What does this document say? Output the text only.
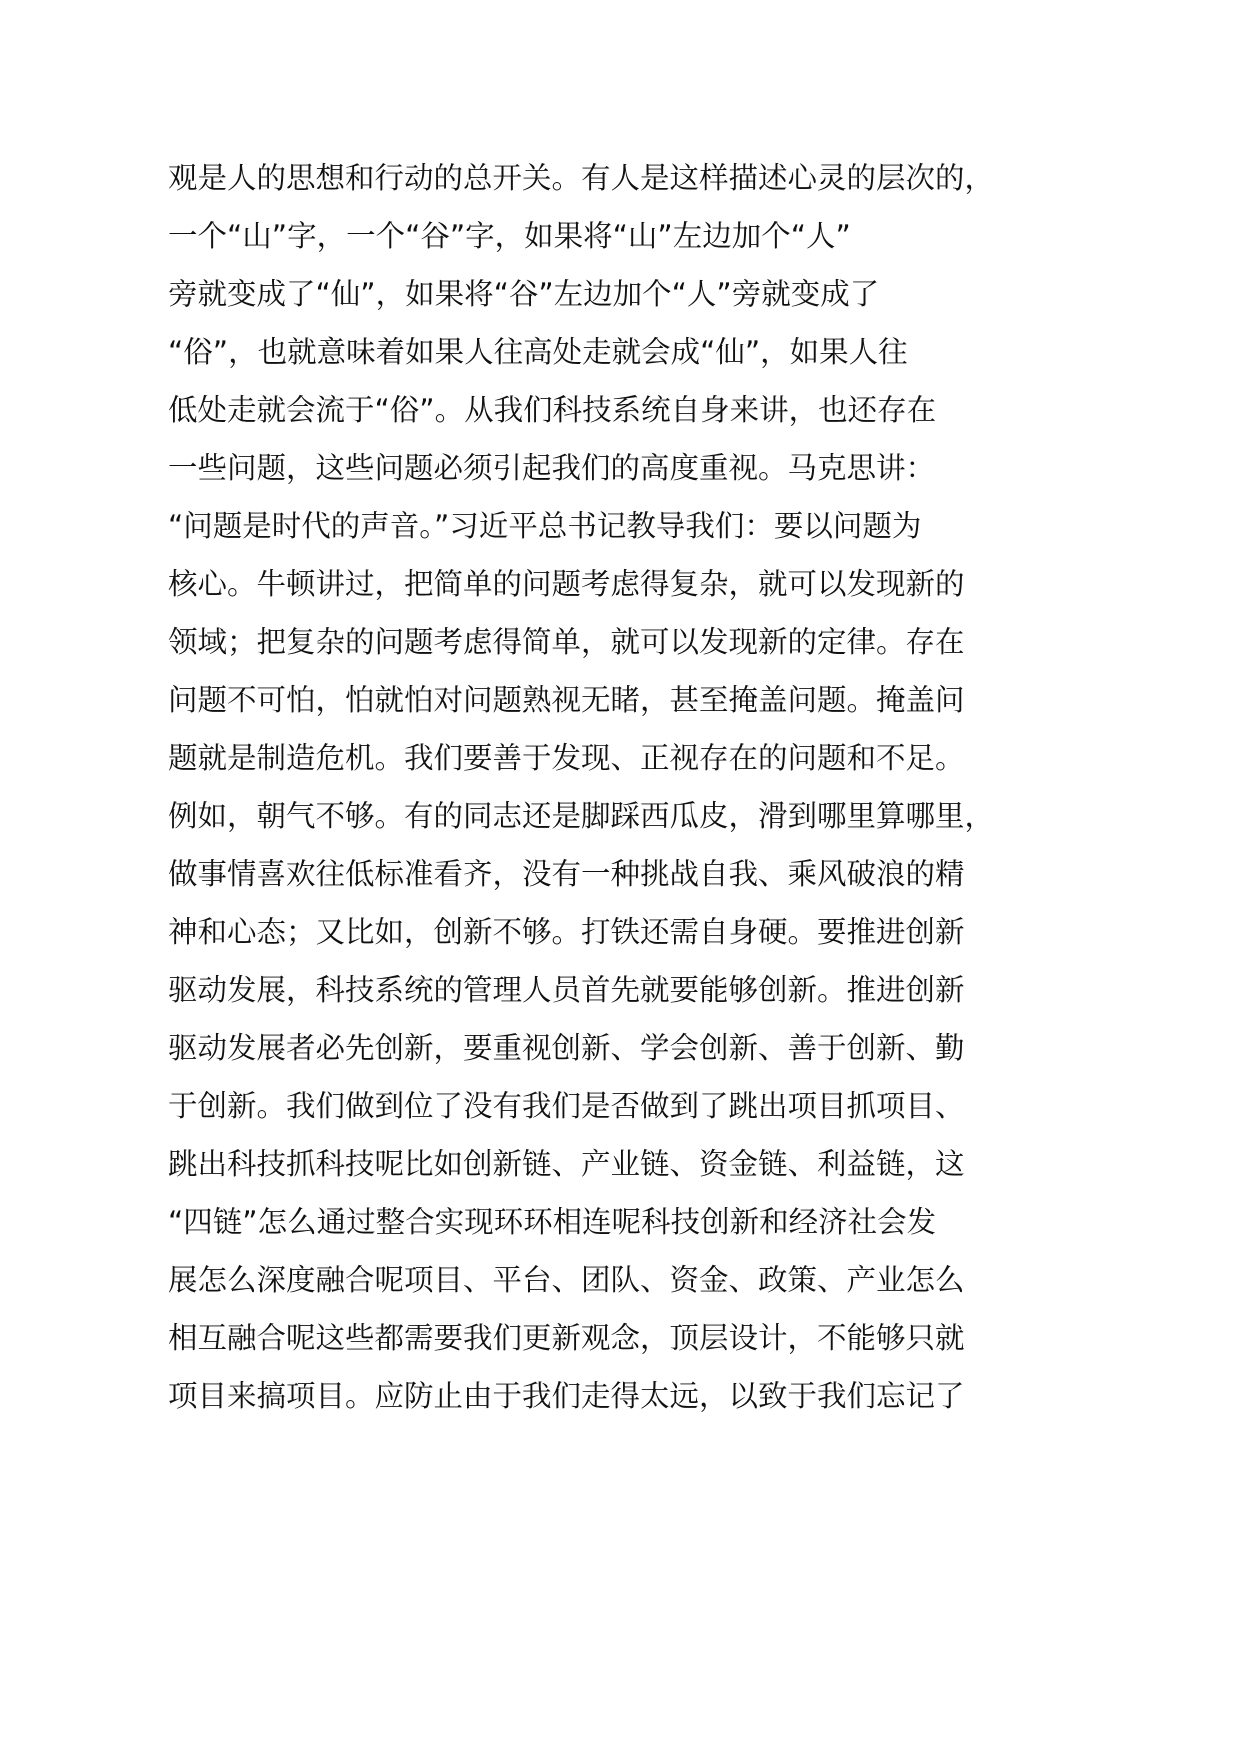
观是人的思想和行动的总开关。有人是这样描述心灵的层次的，
一个“山”字，一个“谷”字，如果将“山”左边加个“人”
旁就变成了“仙”，如果将“谷”左边加个“人”旁就变成了
“俗”，也就意味着如果人往高处走就会成“仙”，如果人往
低处走就会流于“俗”。从我们科技系统自身来讲，也还存在
一些问题，这些问题必须引起我们的高度重视。马克思讲：
“问题是时代的声音。”习近平总书记教导我们：要以问题为
核心。牛顿讲过，把简单的问题考虑得复杂，就可以发现新的
领域；把复杂的问题考虑得简单，就可以发现新的定律。存在
问题不可怕，怕就怕对问题熟视无睹，甚至掩盖问题。掩盖问
题就是制造危机。我们要善于发现、正视存在的问题和不足。
例如，朝气不够。有的同志还是脚踩西瓜皮，滑到哪里算哪里，
做事情喜欢往低标准看齐，没有一种挑战自我、乘风破浪的精
神和心态；又比如，创新不够。打铁还需自身硬。要推进创新
驱动发展，科技系统的管理人员首先就要能够创新。推进创新
驱动发展者必先创新，要重视创新、学会创新、善于创新、勤
于创新。我们做到位了没有我们是否做到了跳出项目抓项目、
跳出科技抓科技呢比如创新链、产业链、资金链、利益链，这
“四链”怎么通过整合实现环环相连呢科技创新和经济社会发
展怎么深度融合呢项目、平台、团队、资金、政策、产业怎么
相互融合呢这些都需要我们更新观念，顶层设计，不能够只就
项目来搞项目。应防止由于我们走得太远，以致于我们忘记了
